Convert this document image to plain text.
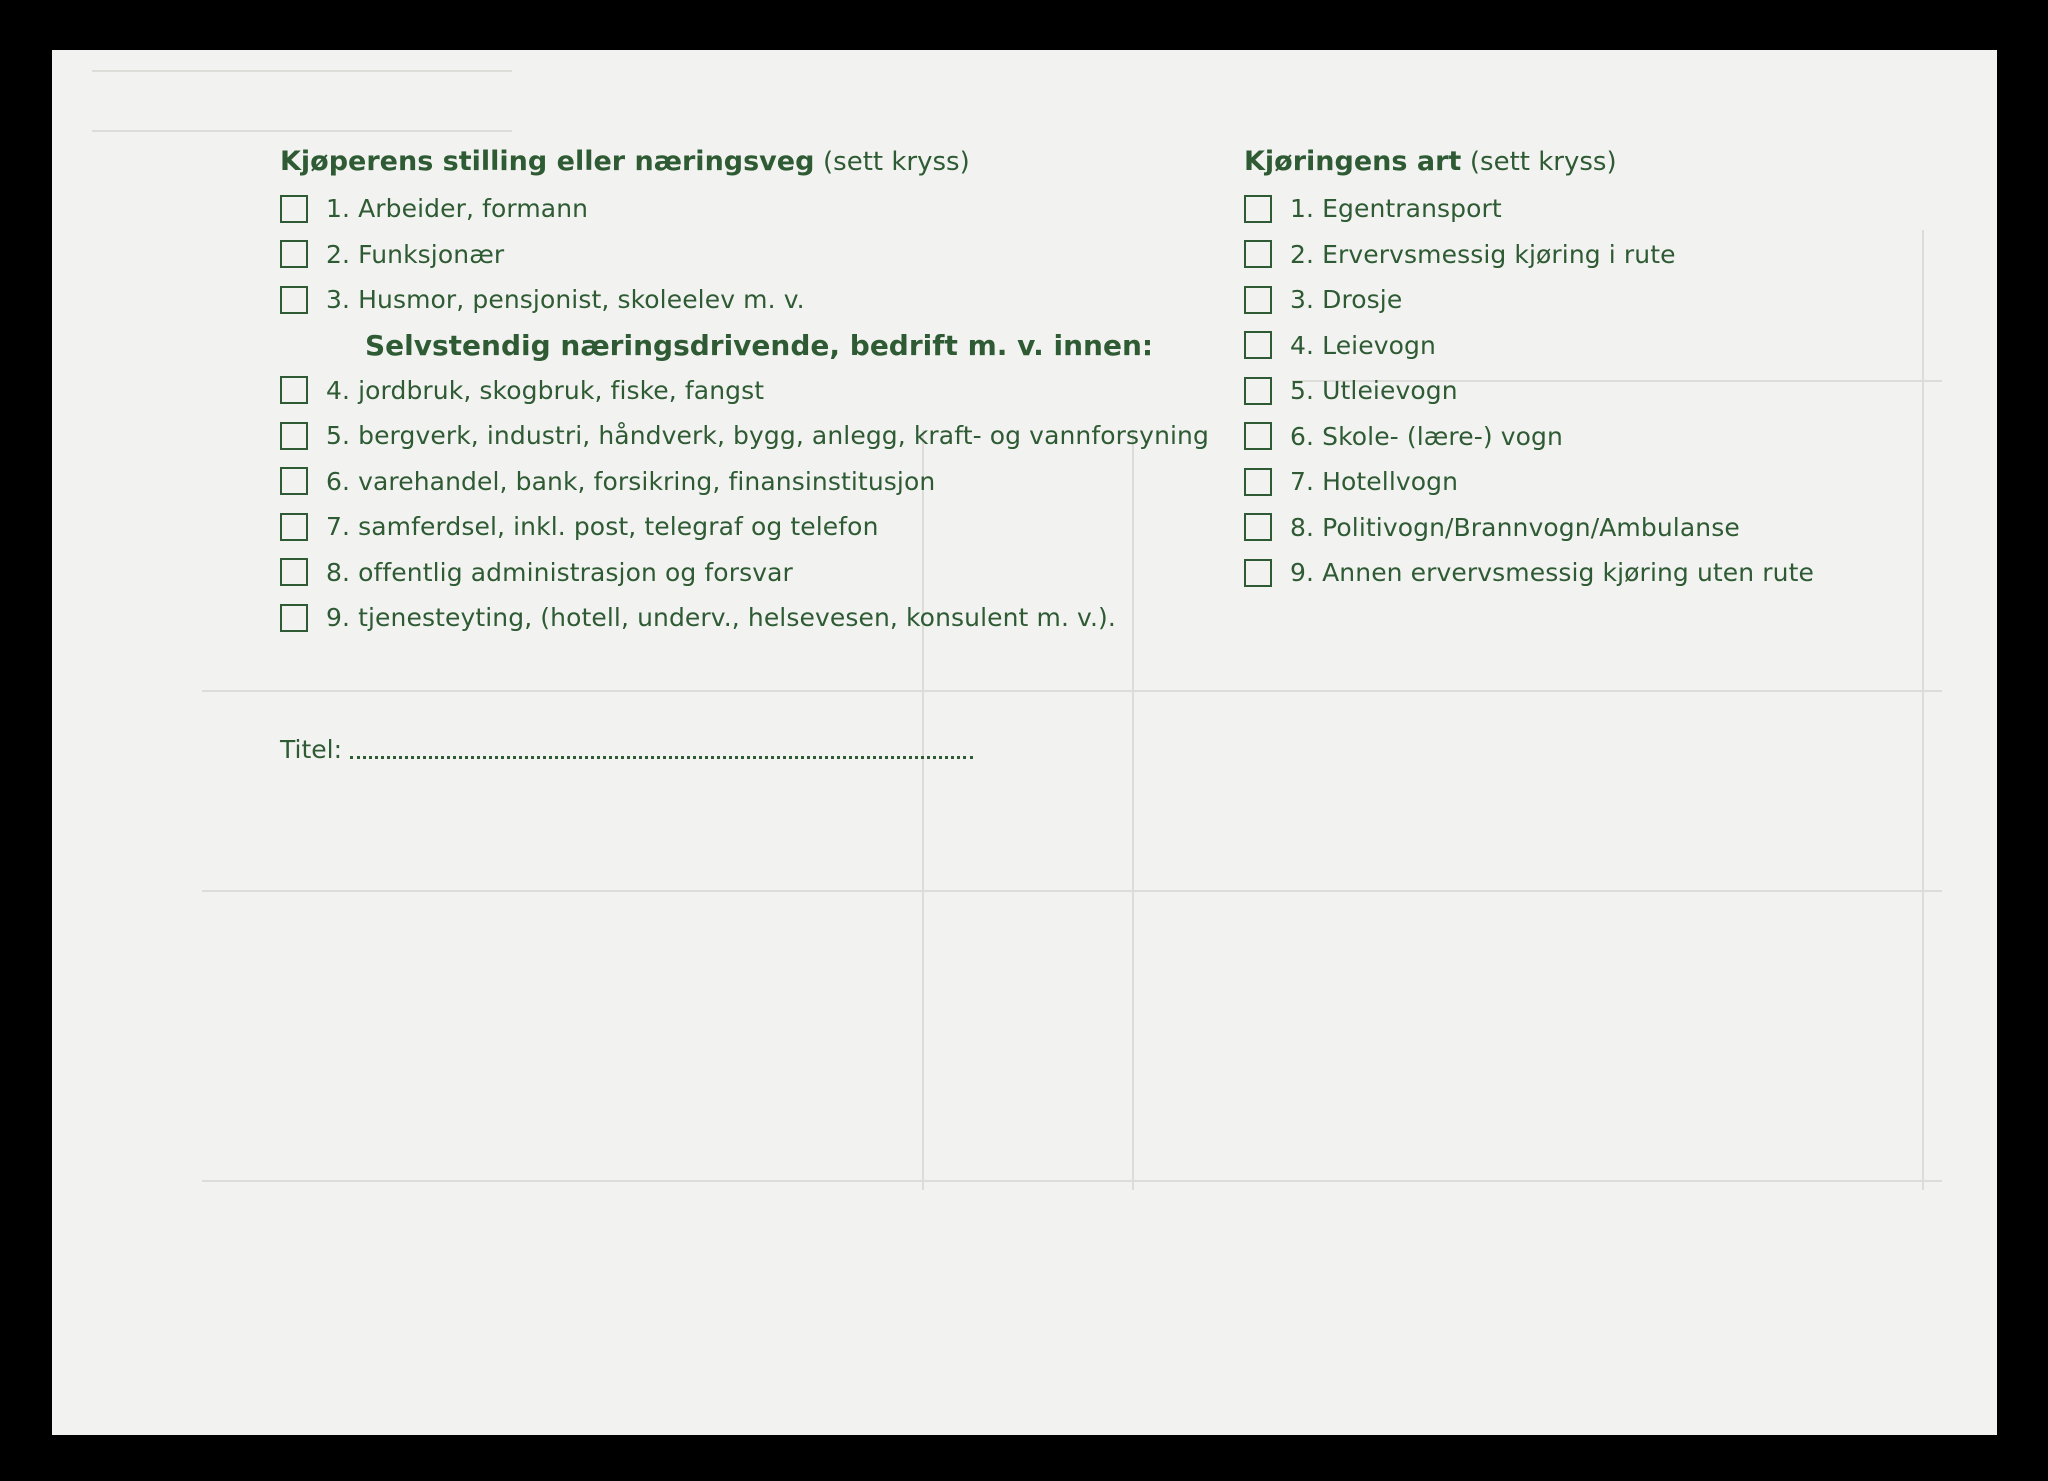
Kjøperens stilling eller næringsveg (sett kryss)
1. Arbeider, formann
2. Funksjonær
3. Husmor, pensjonist, skoleelev m. v.
Selvstendig næringsdrivende, bedrift m. v. innen:
4. jordbruk, skogbruk, fiske, fangst
5. bergverk, industri, håndverk, bygg, anlegg, kraft- og vannforsyning
6. varehandel, bank, forsikring, finansinstitusjon
7. samferdsel, inkl. post, telegraf og telefon
8. offentlig administrasjon og forsvar
9. tjenesteyting, (hotell, underv., helsevesen, konsulent m. v.).
Kjøringens art (sett kryss)
1. Egentransport
2. Ervervsmessig kjøring i rute
3. Drosje
4. Leievogn
5. Utleievogn
6. Skole- (lære-) vogn
7. Hotellvogn
8. Politivogn/Brannvogn/Ambulanse
9. Annen ervervsmessig kjøring uten rute
Titel:
